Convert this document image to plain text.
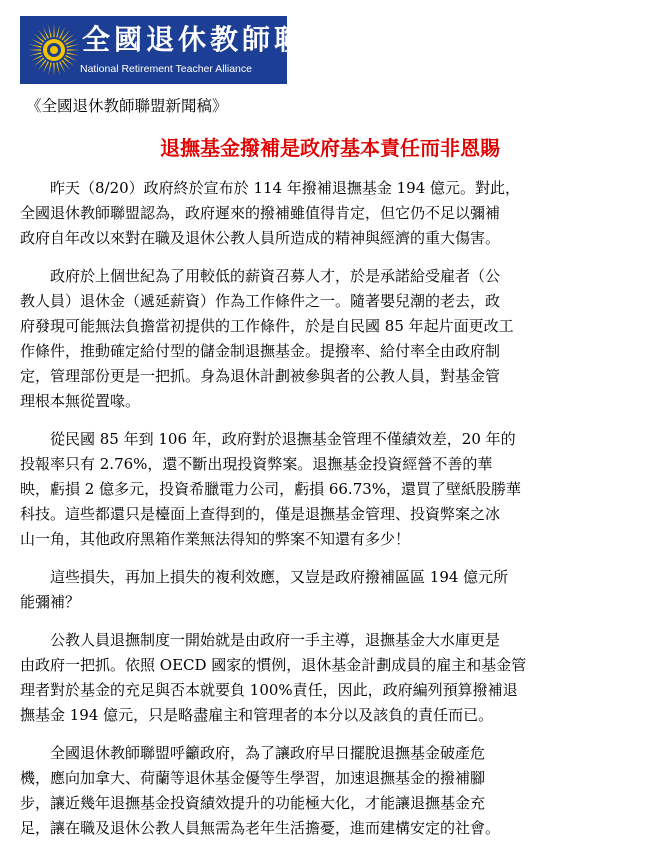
全國退休教師聯盟
National Retirement Teacher Alliance
《全國退休教師聯盟新聞稿》
退撫基金撥補是政府基本責任而非恩賜

昨天（8/20）政府終於宣布於 114 年撥補退撫基金 194 億元。對此，
全國退休教師聯盟認為，政府遲來的撥補雖值得肯定，但它仍不足以彌補
政府自年改以來對在職及退休公教人員所造成的精神與經濟的重大傷害。

政府於上個世紀為了用較低的薪資召募人才，於是承諾給受雇者（公
教人員）退休金（遞延薪資）作為工作條件之一。隨著嬰兒潮的老去，政
府發現可能無法負擔當初提供的工作條件，於是自民國 85 年起片面更改工
作條件，推動確定給付型的儲金制退撫基金。提撥率、給付率全由政府制
定，管理部份更是一把抓。身為退休計劃被參與者的公教人員，對基金管
理根本無從置喙。

從民國 85 年到 106 年，政府對於退撫基金管理不僅績效差，20 年的
投報率只有 2.76%，還不斷出現投資弊案。退撫基金投資經營不善的華
映，虧損 2 億多元，投資希臘電力公司，虧損 66.73%，還買了壁紙股勝華
科技。這些都還只是檯面上查得到的，僅是退撫基金管理、投資弊案之冰
山一角，其他政府黑箱作業無法得知的弊案不知還有多少！

這些損失，再加上損失的複利效應，又豈是政府撥補區區 194 億元所
能彌補？

公教人員退撫制度一開始就是由政府一手主導，退撫基金大水庫更是
由政府一把抓。依照 OECD 國家的慣例，退休基金計劃成員的雇主和基金管
理者對於基金的充足與否本就要負 100%責任，因此，政府編列預算撥補退
撫基金 194 億元，只是略盡雇主和管理者的本分以及該負的責任而已。

全國退休教師聯盟呼籲政府，為了讓政府早日擺脫退撫基金破產危
機，應向加拿大、荷蘭等退休基金優等生學習，加速退撫基金的撥補腳
步，讓近幾年退撫基金投資績效提升的功能極大化，才能讓退撫基金充
足，讓在職及退休公教人員無需為老年生活擔憂，進而建構安定的社會。
